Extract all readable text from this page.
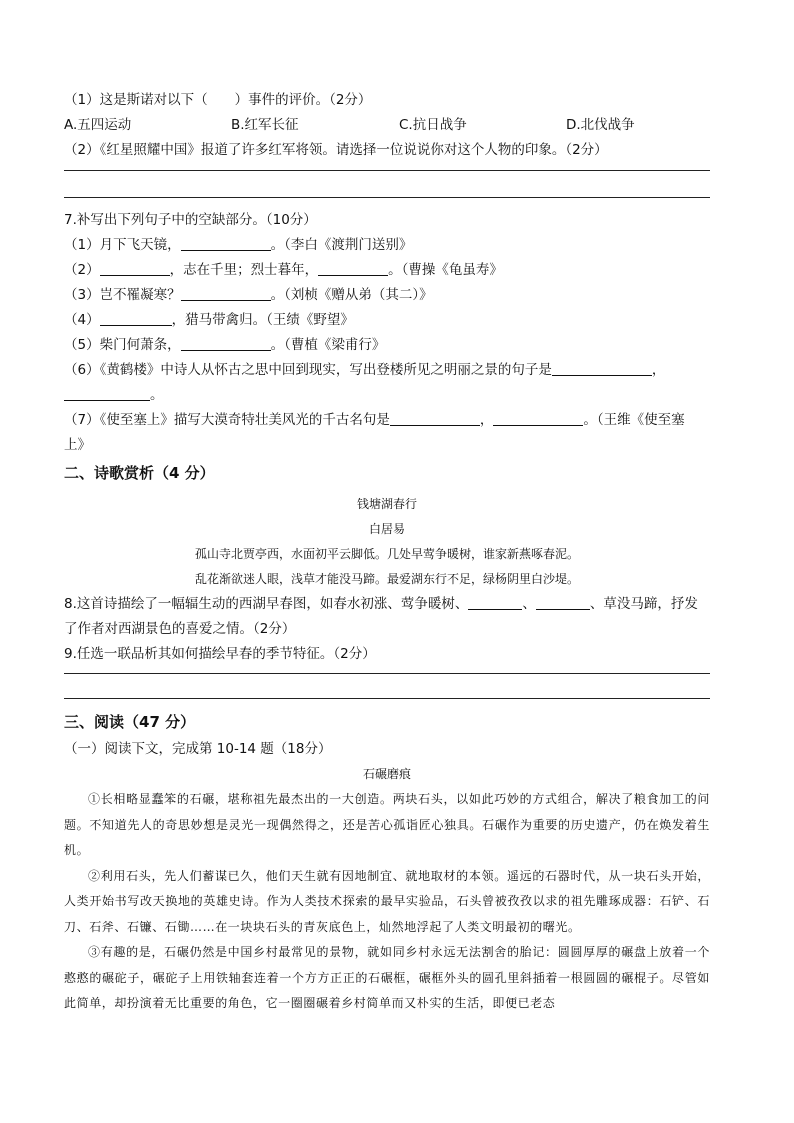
（1）这是斯诺对以下（　　）事件的评价。（2分）
A.五四运动	B.红军长征	C.抗日战争	D.北伐战争
（2）《红星照耀中国》报道了许多红军将领。请选择一位说说你对这个人物的印象。（2分）
7.补写出下列句子中的空缺部分。（10分）
（1）月下飞天镜，	。（李白《渡荆门送别》
（2）	，志在千里；烈士暮年，	。（曹操《龟虽寿》
（3）岂不罹凝寒？	。（刘桢《赠从弟（其二）》
（4）	，猎马带禽归。（王绩《野望》
（5）柴门何萧条，	。（曹植《梁甫行》
（6）《黄鹤楼》中诗人从怀古之思中回到现实，写出登楼所见之明丽之景的句子是	，
。
（7）《使至塞上》描写大漠奇特壮美风光的千古名句是	，	。（王维《使至塞
上》
二、诗歌赏析（4 分）
钱塘湖春行
白居易
孤山寺北贾亭西，水面初平云脚低。几处早莺争暖树，谁家新燕啄春泥。
乱花渐欲迷人眼，浅草才能没马蹄。最爱湖东行不足，绿杨阴里白沙堤。
8.这首诗描绘了一幅辐生动的西湖早春图，如春水初涨、莺争暖树、	、	、草没马蹄，抒发
了作者对西湖景色的喜爱之情。（2分）
9.任选一联品析其如何描绘早春的季节特征。（2分）
三、阅读（47 分）
（一）阅读下文，完成第 10-14 题（18分）
石碾磨痕
①长相略显蠢笨的石碾，堪称祖先最杰出的一大创造。两块石头，以如此巧妙的方式组合，解决了粮食加工的问题。不知道先人的奇思妙想是灵光一现偶然得之，还是苦心孤诣匠心独具。石碾作为重要的历史遗产，仍在焕发着生机。
②利用石头，先人们蓄谋已久，他们天生就有因地制宜、就地取材的本领。遥远的石器时代，从一块石头开始，人类开始书写改天换地的英雄史诗。作为人类技术探索的最早实验品，石头曾被孜孜以求的祖先雕琢成器：石铲、石刀、石斧、石镰、石锄……在一块块石头的青灰底色上，灿然地浮起了人类文明最初的曙光。
③有趣的是，石碾仍然是中国乡村最常见的景物，就如同乡村永远无法割舍的胎记：圆圆厚厚的碾盘上放着一个憨憨的碾砣子，碾砣子上用铁轴套连着一个方方正正的石碾框，碾框外头的圆孔里斜插着一根圆圆的碾棍子。尽管如此简单，却扮演着无比重要的角色，它一圈圈碾着乡村简单而又朴实的生活，即便已老态
